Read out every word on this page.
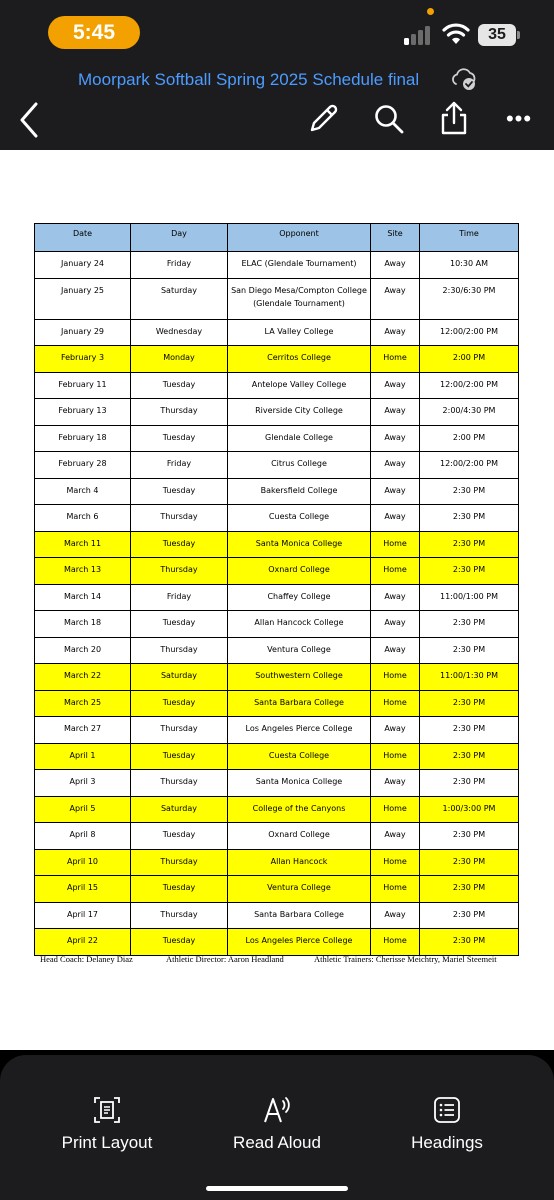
5:45	35
Moorpark Softball Spring 2025 Schedule final
•••
Date	Day	Opponent	Site	Time
January 24	Friday	ELAC (Glendale Tournament)	Away	10:30 AM
January 25	Saturday	San Diego Mesa/Compton College (Glendale Tournament)	Away	2:30/6:30 PM
January 29	Wednesday	LA Valley College	Away	12:00/2:00 PM
February 3	Monday	Cerritos College	Home	2:00 PM
February 11	Tuesday	Antelope Valley College	Away	12:00/2:00 PM
February 13	Thursday	Riverside City College	Away	2:00/4:30 PM
February 18	Tuesday	Glendale College	Away	2:00 PM
February 28	Friday	Citrus College	Away	12:00/2:00 PM
March 4	Tuesday	Bakersfield College	Away	2:30 PM
March 6	Thursday	Cuesta College	Away	2:30 PM
March 11	Tuesday	Santa Monica College	Home	2:30 PM
March 13	Thursday	Oxnard College	Home	2:30 PM
March 14	Friday	Chaffey College	Away	11:00/1:00 PM
March 18	Tuesday	Allan Hancock College	Away	2:30 PM
March 20	Thursday	Ventura College	Away	2:30 PM
March 22	Saturday	Southwestern College	Home	11:00/1:30 PM
March 25	Tuesday	Santa Barbara College	Home	2:30 PM
March 27	Thursday	Los Angeles Pierce College	Away	2:30 PM
April 1	Tuesday	Cuesta College	Home	2:30 PM
April 3	Thursday	Santa Monica College	Away	2:30 PM
April 5	Saturday	College of the Canyons	Home	1:00/3:00 PM
April 8	Tuesday	Oxnard College	Away	2:30 PM
April 10	Thursday	Allan Hancock	Home	2:30 PM
April 15	Tuesday	Ventura College	Home	2:30 PM
April 17	Thursday	Santa Barbara College	Away	2:30 PM
April 22	Tuesday	Los Angeles Pierce College	Home	2:30 PM
Head Coach: Delaney Diaz	Athletic Director: Aaron Headland	Athletic Trainers: Cherisse Meichtry, Mariel Steemeit
Print Layout	Read Aloud	Headings
